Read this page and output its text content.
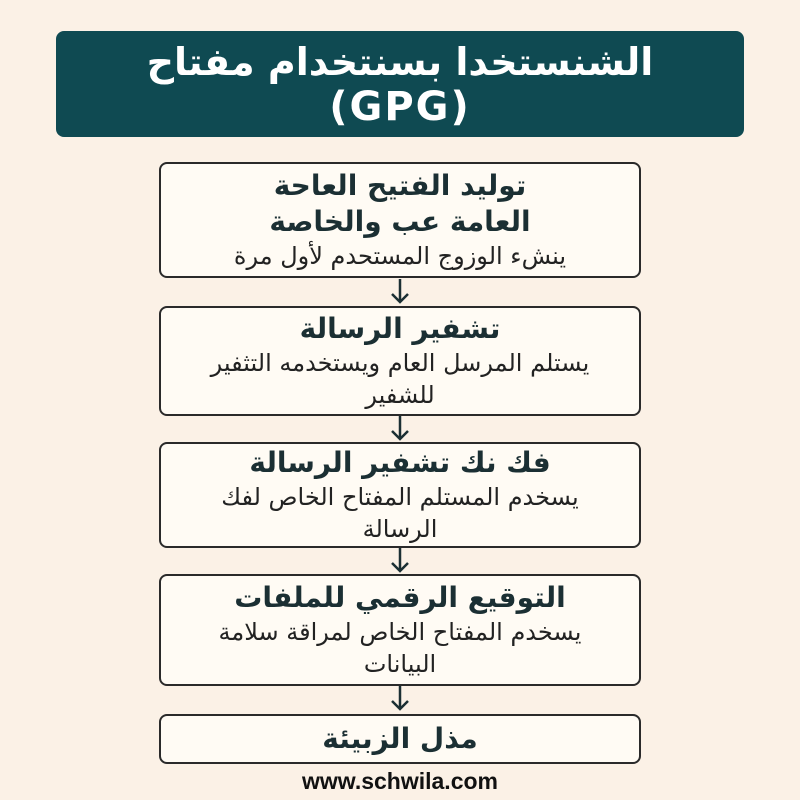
الشنستخدا بسنتخدام مفتاح
(GPG)
توليد الفتيح العاحة العامة عب والخاصة
ينشء الوزوج المستحدم لأول مرة
تشفير الرسالة
يستلم المرسل العام ويستخدمه التثفير للشفير
فك نك تشفير الرسالة
يسخدم المستلم المفتاح الخاص لفك الرسالة
التوقيع الرقمي للملفات
يسخدم المفتاح الخاص لمراقة سلامة البيانات
مذل الزبيئة
www.schwila.com
